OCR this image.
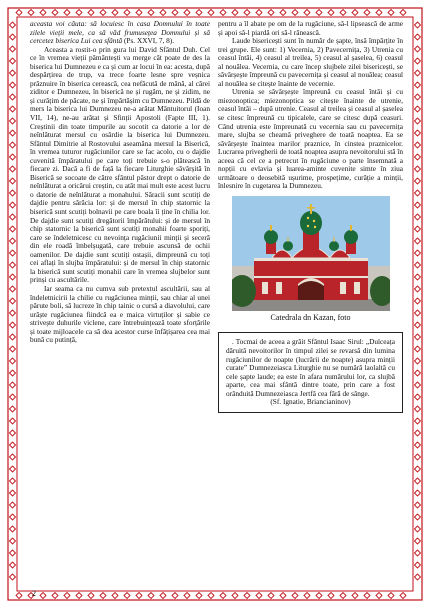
aceasta voi căuta: să locuiesc în casa Domnului în toate zilele vieții mele, ca să văd frumusețea Domnului și să cercetez biserica Lui cea sfântă (Ps. XXVI, 7, 8).

Aceasta a rostit-o prin gura lui David Sfântul Duh. Cel ce în vremea vieții pământești va merge cât poate de des la biserica lui Dumnezeu e ca și cum ar locui în ea: acesta, după despărțirea de trup, va trece foarte lesne spre veșnica prăznuire în biserica cerească, cea nefăcută de mână, al cărei ziditor e Dumnezeu, în biserică ne și rugăm, ne și zidim, ne și curățim de păcate, ne și împărtășim cu Dumnezeu. Pildă de mers la biserica lui Dumnezeu ne-a arătat Mântuitorul (Ioan VII, 14), ne-au arătat și Sfinții Apostoli (Fapte III, 1). Creștinii din toate timpurile au socotit ca datorie a lor de neînlăturat mersul cu osârdie la biserica lui Dumnezeu. Sfântul Dimitrie al Rostovului aseamăna mersul la Biserică, în vremea tuturor rugăciunilor care se fac acolo, cu o dajdie cuvenită împăratului pe care toți trebuie s-o plătească în fiecare zi. Dacă a fi de față la fiecare Liturghie săvârșită în Biserică se socoate de către sfântul păstor drept o datorie de neînlăturat a oricărui creștin, cu atât mai mult este acest lucru o datorie de neînlăturat a monahului. Săracii sunt scutiți de dajdie pentru sărăcia lor: și de mersul în chip statornic la biserică sunt scutiți bolnavii pe care boala îi ține în chilia lor. De dajdie sunt scutiți dregătorii împărătului: și de mersul în chip statornic la biserică sunt scutiți monahii foarte sporiți, care se îndeletnicesc cu nevoința rugăciunii minții și seceră din ele roadă îmbelșugată, care trebuie ascunsă de ochii oamenilor. De dajdie sunt scutiți ostașii, dimpreună cu toți cei aflați în slujba împăratului: și de mersul în chip statornic la biserică sunt scutiți monahii care în vremea slujbelor sunt prinși cu ascultările.

Iar seama ca nu cumva sub pretextul ascultării, sau al îndeletnicirii la chilie cu rugăciunea minții, sau chiar al unei părute boli, să lucreze în chip tainic o cursă a diavolului, care urăște rugăciunea fiindcă ea e maica virtuților și sabie ce strivește duhurile viclene, care întrebuințează toate sforțările și toate mijloacele ca să dea acestor curse înfățișarea cea mai bună cu putință,

pentru a îl abate pe om de la rugăciune, să-l lipsească de arme și apoi să-l piardă ori să-l rănească.

Laude bisericești sunt în număr de șapte, însă împărțite în trei grupe. Ele sunt: 1) Vecernia, 2) Pavecernița, 3) Utrenia cu ceasul întâi, 4) ceasul al treilea, 5) ceasul al șaselea, 6) ceasul al nouălea. Vecernia, cu care încep slujbele zilei bisericești, se săvârșește împreună cu pavecernița și ceasul al nouălea; ceasul al nouălea se citește înainte de vecernie.

Utrenia se săvârșește împreună cu ceasul întâi și cu miezonoptica; miezonoptica se citește înainte de utrenie, ceasul întâi – după utrenie. Ceasul al treilea și ceasul al șaselea se citesc împreună cu tipicalele, care se citesc după ceasuri. Când utrenia este împreunată cu vecernia sau cu pavecernița mare, slujba se cheamă priveghere de toată noaptea. Ea se săvârșește înaintea marilor praznice, în cinstea praznicelor. Lucrarea privegherii de toată noaptea asupra nevoitorului stă în aceea că cel ce a petrecut în rugăciune o parte însemnată a nopții cu evlavia și luarea-aminte cuvenite simte în ziua următoare o deosebită ușurime, prospețime, curăție a minții, înlesnire în cugetarea la Dumnezeu.

Catedrala dn Kazan, foto

. Tocmai de aceea a grăit Sfântul Isaac Sirul: „Dulceața dăruită nevoitorilor în timpul zilei se revarsă din lumina rugăciunilor de noapte (lucrării de noapte) asupra minții curate” Dumnezeiasca Liturghie nu se numără laolaltă cu cele șapte laude; ea este în afara numărului lor, ca slujbă aparte, cea mai sfântă dintre toate, prin care a fost orânduită Dumnezeiasca Jertfă cea fără de sânge.

(Sf. Ignatie, Briancianinov)

2
